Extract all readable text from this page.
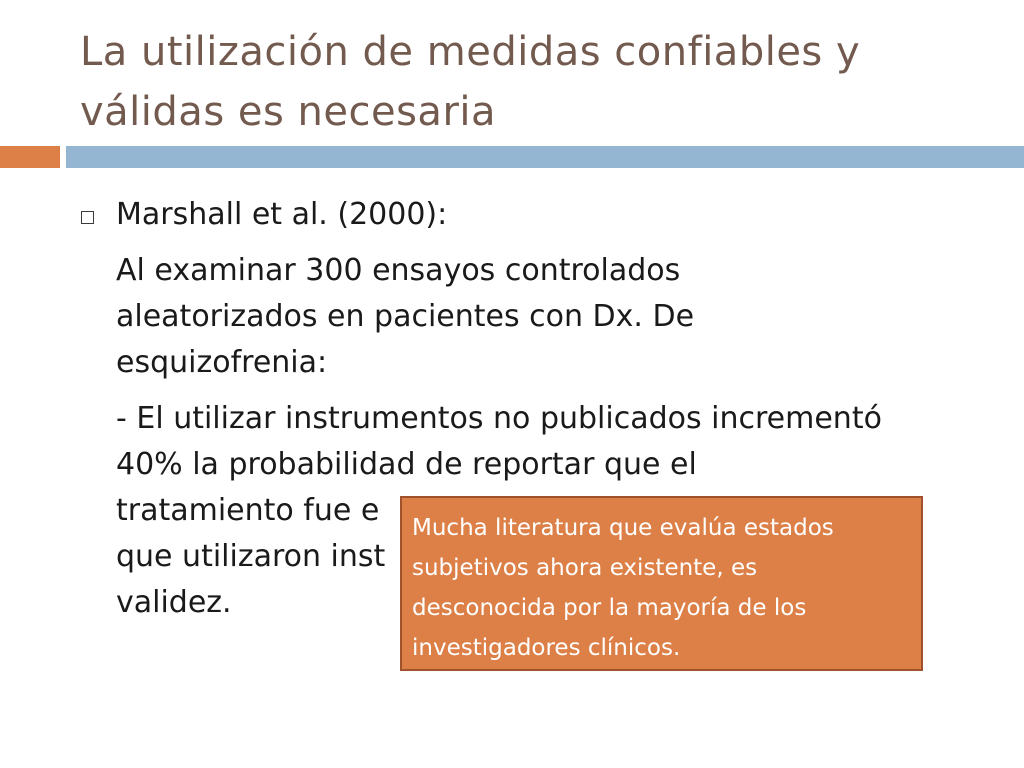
La utilización de medidas confiables y
válidas es necesaria
Marshall et al. (2000):
Al examinar 300 ensayos controlados
aleatorizados en pacientes con Dx. De
esquizofrenia:
- El utilizar instrumentos no publicados incrementó
40% la probabilidad de reportar que el
tratamiento fue e
que utilizaron inst
validez.

Mucha literatura que evalúa estados

subjetivos ahora existente, es

desconocida por la mayoría de los

investigadores clínicos.
